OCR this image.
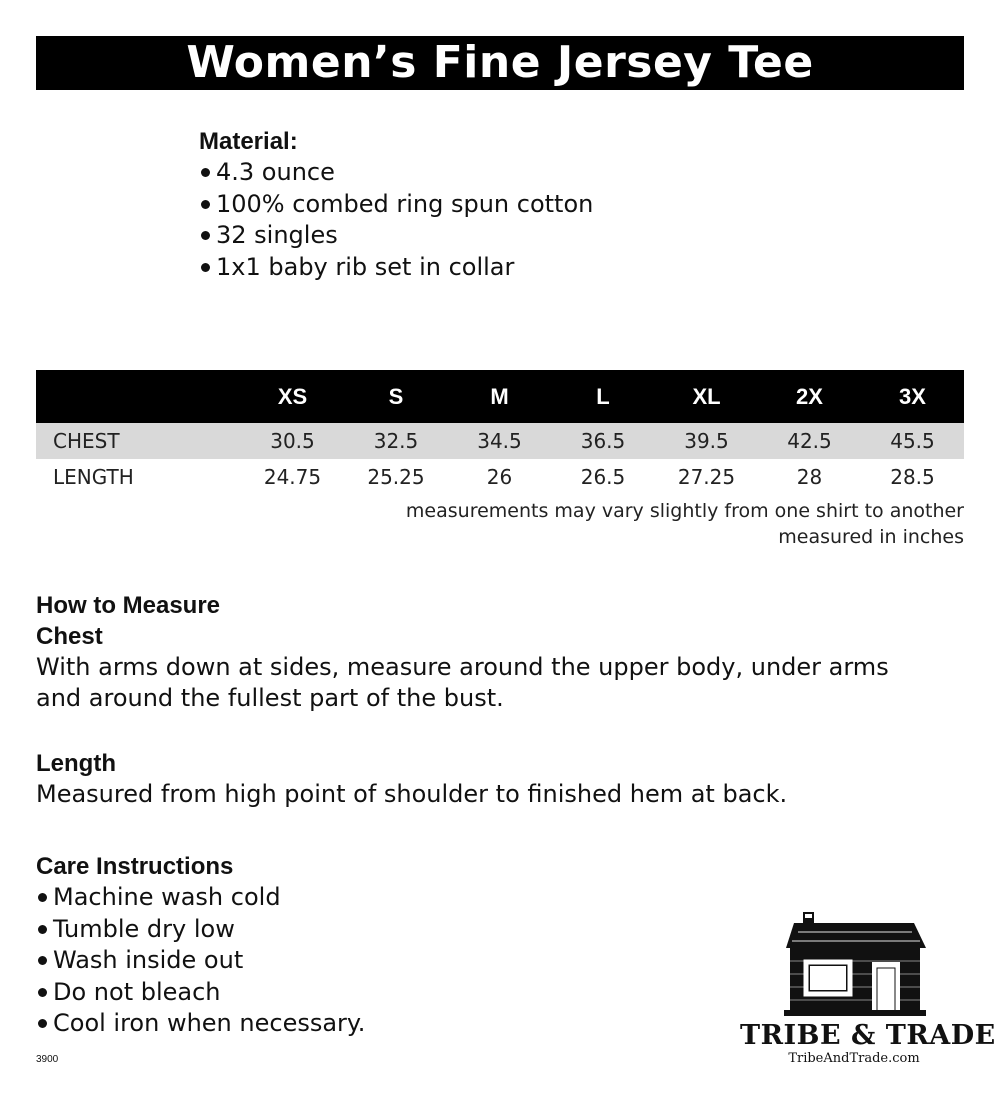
Women’s Fine Jersey Tee
Material:
4.3 ounce
100% combed ring spun cotton
32 singles
1x1 baby rib set in collar
	XS	S	M	L	XL	2X	3X
CHEST	30.5	32.5	34.5	36.5	39.5	42.5	45.5
LENGTH	24.75	25.25	26	26.5	27.25	28	28.5
measurements may vary slightly from one shirt to another
measured in inches
How to Measure
Chest

With arms down at sides, measure around the upper body, under arms

and around the fullest part of the bust.

Length

Measured from high point of shoulder to finished hem at back.

Care Instructions
Machine wash cold
Tumble dry low
Wash inside out
Do not bleach
Cool iron when necessary.
3900
TRIBE & TRADE
TribeAndTrade.com
